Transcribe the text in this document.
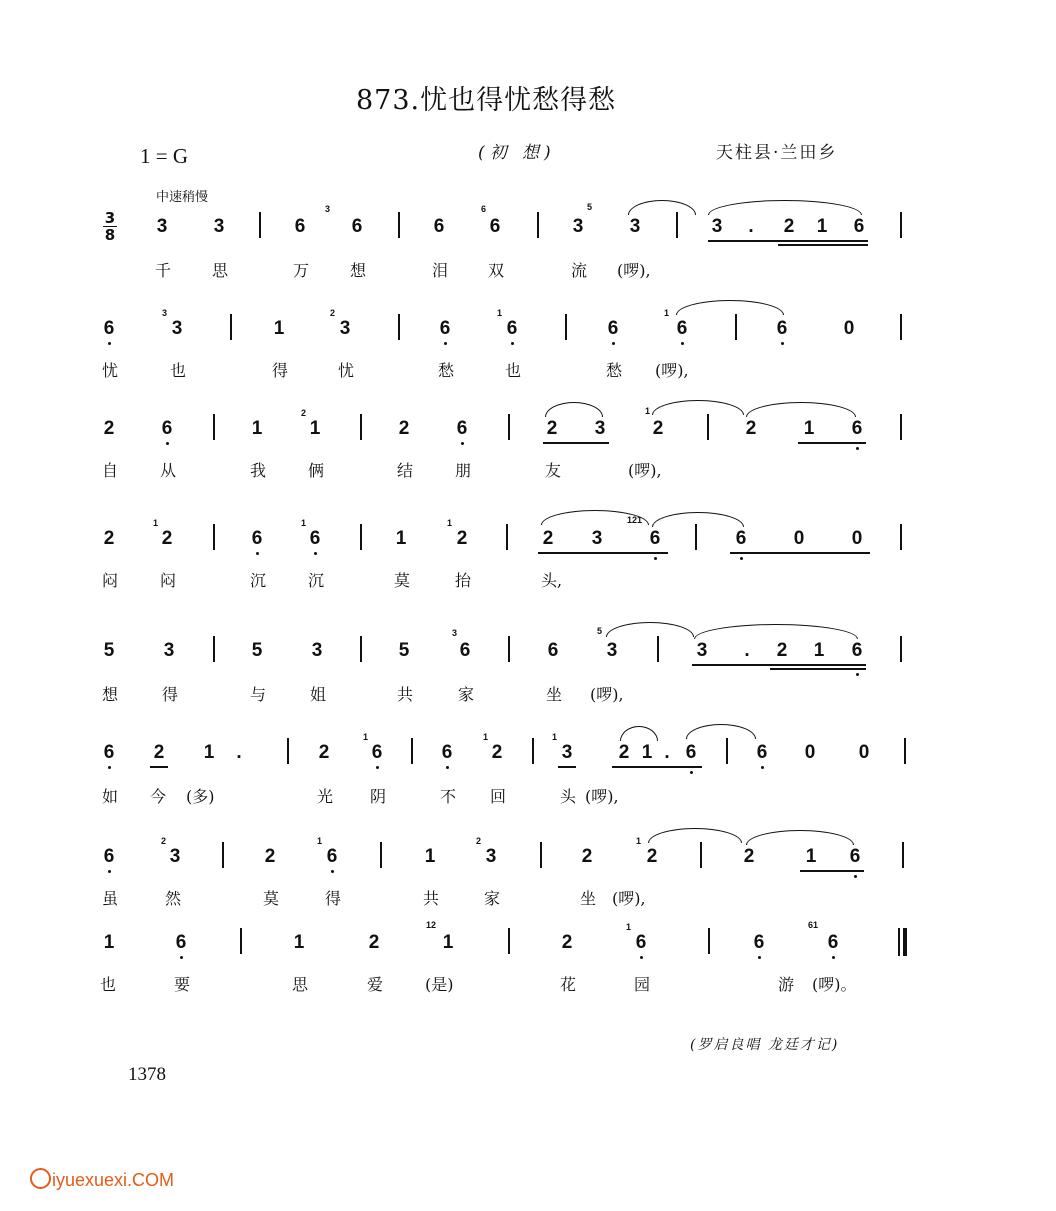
873.忧也得忧愁得愁
1 = G	(初 想)	天柱县·兰田乡
中速稍慢
3
8 3 3	6
3
6	6
6
6	3
5
3	3 . 2 1 6
千	思	万	想	泪 双	流 (啰),
6
3
3	1
2
3	6
1
6	6
1
6	6	0
忧	也	得	忧	愁	也	愁 (啰),
2 6	1
2
1	2 6	2 3
1
2	2 1 6
自	从	我	俩	结	朋	友	(啰),
2
1
2	6
1
6	1
1
2	2 3
121
6	6 0 0
闷	闷	沉	沉	莫	抬	头,
5	3	5	3	5
3
6	6
5
3	3 . 2 1 6
想	得	与	姐	共	家	坐 (啰),
6 2 1 .	2
1
6	6
1
2
1
3 2 1 . 6	6 0 0
如 今 (多)	光 阴	不 回	头 (啰),
6
2
3	2
1
6	1
2
3	2
1
2	2	1 6
虽	然	莫	得	共	家	坐 (啰),
1	6	1	2
12
1	2
1
6	6
61
6
也	要	思	爱	(是)	花	园	游 (啰)。
(罗启良唱 龙廷才记)
1378
iyuexuexi.COM
